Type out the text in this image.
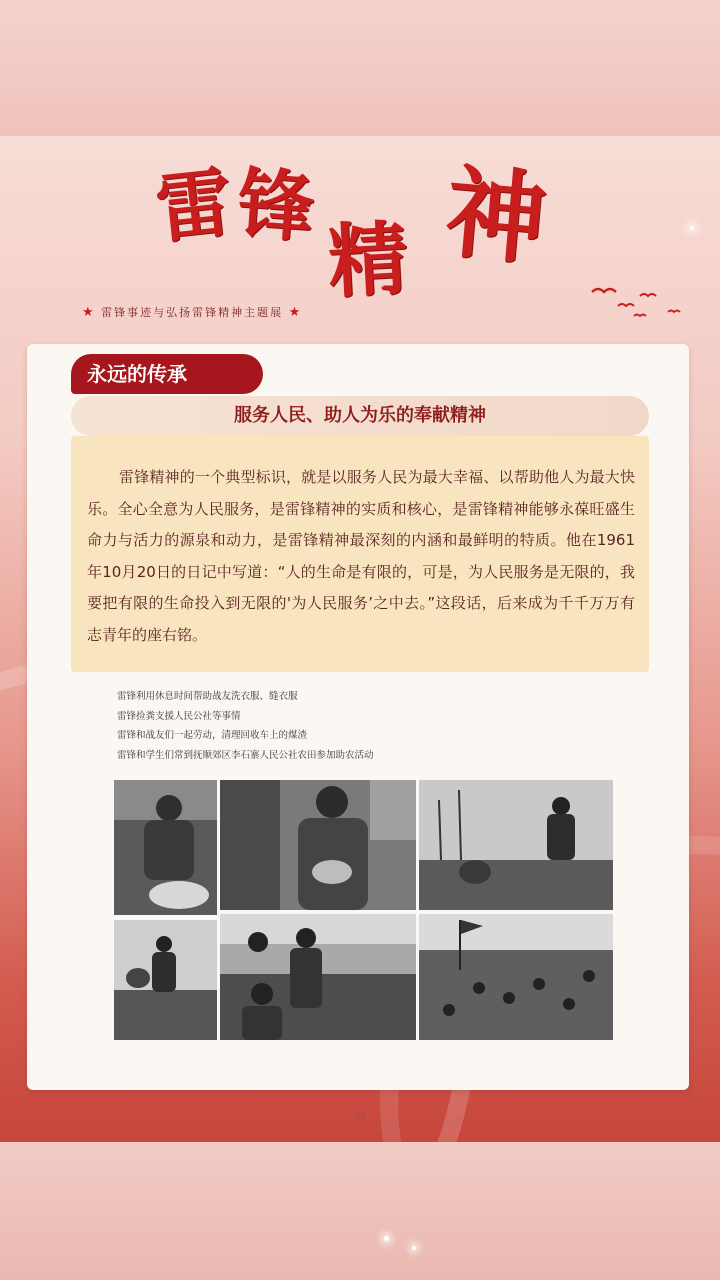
雷
锋
精 神
★ 雷锋事迹与弘扬雷锋精神主题展 ★
永远的传承
服务人民、助人为乐的奉献精神

雷锋精神的一个典型标识，就是以服务人民为最大幸福、以帮助他人为最大快乐。全心全意为人民服务，是雷锋精神的实质和核心，是雷锋精神能够永葆旺盛生命力与活力的源泉和动力，是雷锋精神最深刻的内涵和最鲜明的特质。他在1961年10月20日的日记中写道：“人的生命是有限的，可是，为人民服务是无限的，我要把有限的生命投入到无限的'为人民服务’之中去。”这段话，后来成为千千万万有志青年的座右铭。

雷锋利用休息时间帮助战友洗衣服、缝衣服
雷锋捡粪支援人民公社等事情
雷锋和战友们一起劳动，清理回收车上的煤渣
雷锋和学生们常到抚顺郊区李石寨人民公社农田参加助农活动
24
